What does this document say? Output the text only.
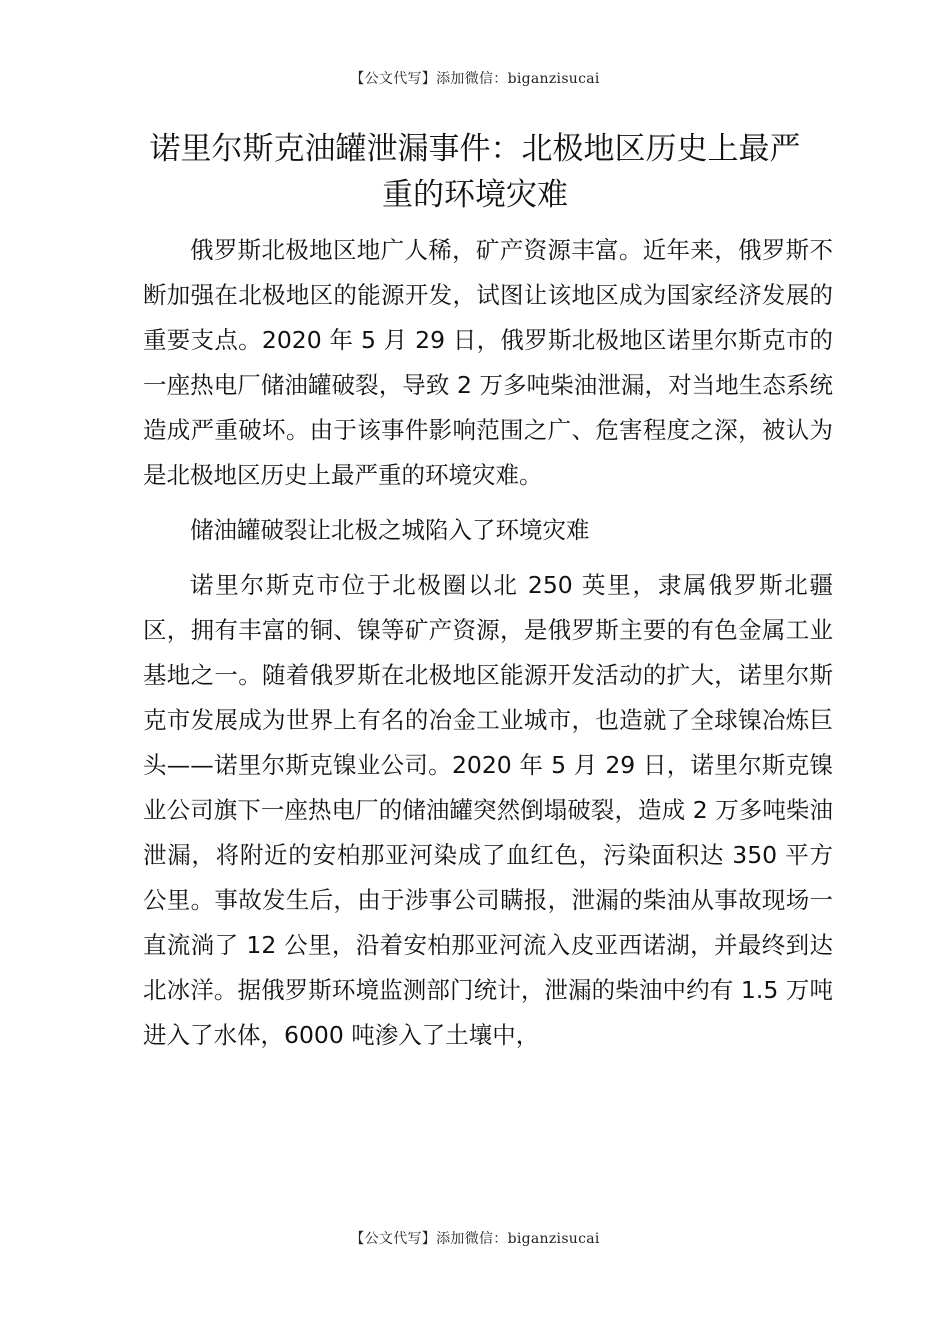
【公文代写】添加微信：biganzisucai
诺里尔斯克油罐泄漏事件：北极地区历史上最严重的环境灾难

俄罗斯北极地区地广人稀，矿产资源丰富。近年来，俄罗斯不断加强在北极地区的能源开发，试图让该地区成为国家经济发展的重要支点。2020 年 5 月 29 日，俄罗斯北极地区诺里尔斯克市的一座热电厂储油罐破裂，导致 2 万多吨柴油泄漏，对当地生态系统造成严重破坏。由于该事件影响范围之广、危害程度之深，被认为是北极地区历史上最严重的环境灾难。

储油罐破裂让北极之城陷入了环境灾难

诺里尔斯克市位于北极圈以北 250 英里，隶属俄罗斯北疆区，拥有丰富的铜、镍等矿产资源，是俄罗斯主要的有色金属工业基地之一。随着俄罗斯在北极地区能源开发活动的扩大，诺里尔斯克市发展成为世界上有名的冶金工业城市，也造就了全球镍冶炼巨头——诺里尔斯克镍业公司。2020 年 5 月 29 日，诺里尔斯克镍业公司旗下一座热电厂的储油罐突然倒塌破裂，造成 2 万多吨柴油泄漏，将附近的安柏那亚河染成了血红色，污染面积达 350 平方公里。事故发生后，由于涉事公司瞒报，泄漏的柴油从事故现场一直流淌了 12 公里，沿着安柏那亚河流入皮亚西诺湖，并最终到达北冰洋。据俄罗斯环境监测部门统计，泄漏的柴油中约有 1.5 万吨进入了水体，6000 吨渗入了土壤中，

【公文代写】添加微信：biganzisucai
